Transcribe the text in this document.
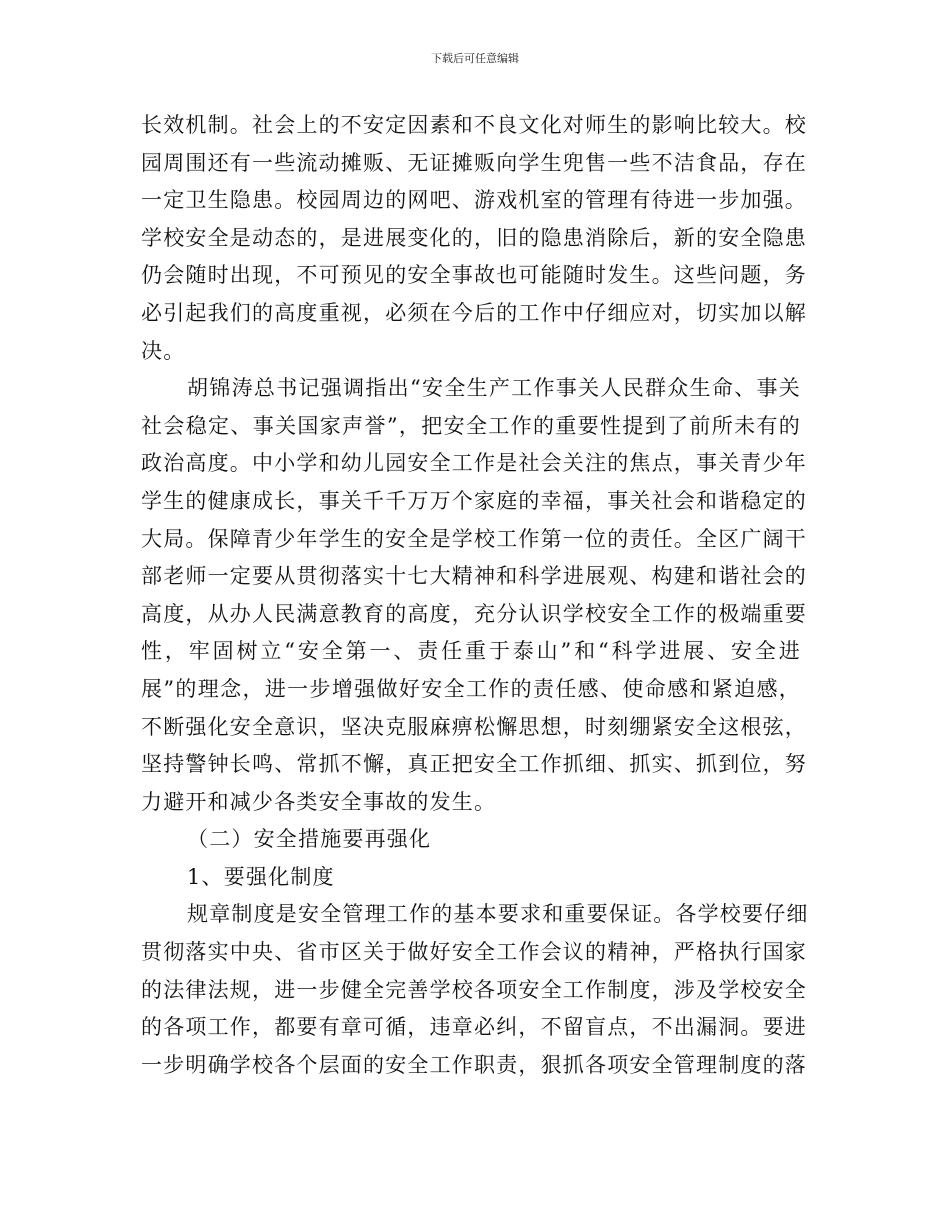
下载后可任意编辑
长效机制。社会上的不安定因素和不良文化对师生的影响比较大。校
园周围还有一些流动摊贩、无证摊贩向学生兜售一些不洁食品，存在
一定卫生隐患。校园周边的网吧、游戏机室的管理有待进一步加强。
学校安全是动态的，是进展变化的，旧的隐患消除后，新的安全隐患
仍会随时出现，不可预见的安全事故也可能随时发生。这些问题，务
必引起我们的高度重视，必须在今后的工作中仔细应对，切实加以解
决。
胡锦涛总书记强调指出“安全生产工作事关人民群众生命、事关
社会稳定、事关国家声誉”，把安全工作的重要性提到了前所未有的
政治高度。中小学和幼儿园安全工作是社会关注的焦点，事关青少年
学生的健康成长，事关千千万万个家庭的幸福，事关社会和谐稳定的
大局。保障青少年学生的安全是学校工作第一位的责任。全区广阔干
部老师一定要从贯彻落实十七大精神和科学进展观、构建和谐社会的
高度，从办人民满意教育的高度，充分认识学校安全工作的极端重要
性，牢固树立“安全第一、责任重于泰山”和“科学进展、安全进
展”的理念，进一步增强做好安全工作的责任感、使命感和紧迫感，
不断强化安全意识，坚决克服麻痹松懈思想，时刻绷紧安全这根弦，
坚持警钟长鸣、常抓不懈，真正把安全工作抓细、抓实、抓到位，努
力避开和减少各类安全事故的发生。
（二）安全措施要再强化
1、要强化制度
规章制度是安全管理工作的基本要求和重要保证。各学校要仔细
贯彻落实中央、省市区关于做好安全工作会议的精神，严格执行国家
的法律法规，进一步健全完善学校各项安全工作制度，涉及学校安全
的各项工作，都要有章可循，违章必纠，不留盲点，不出漏洞。要进
一步明确学校各个层面的安全工作职责，狠抓各项安全管理制度的落
